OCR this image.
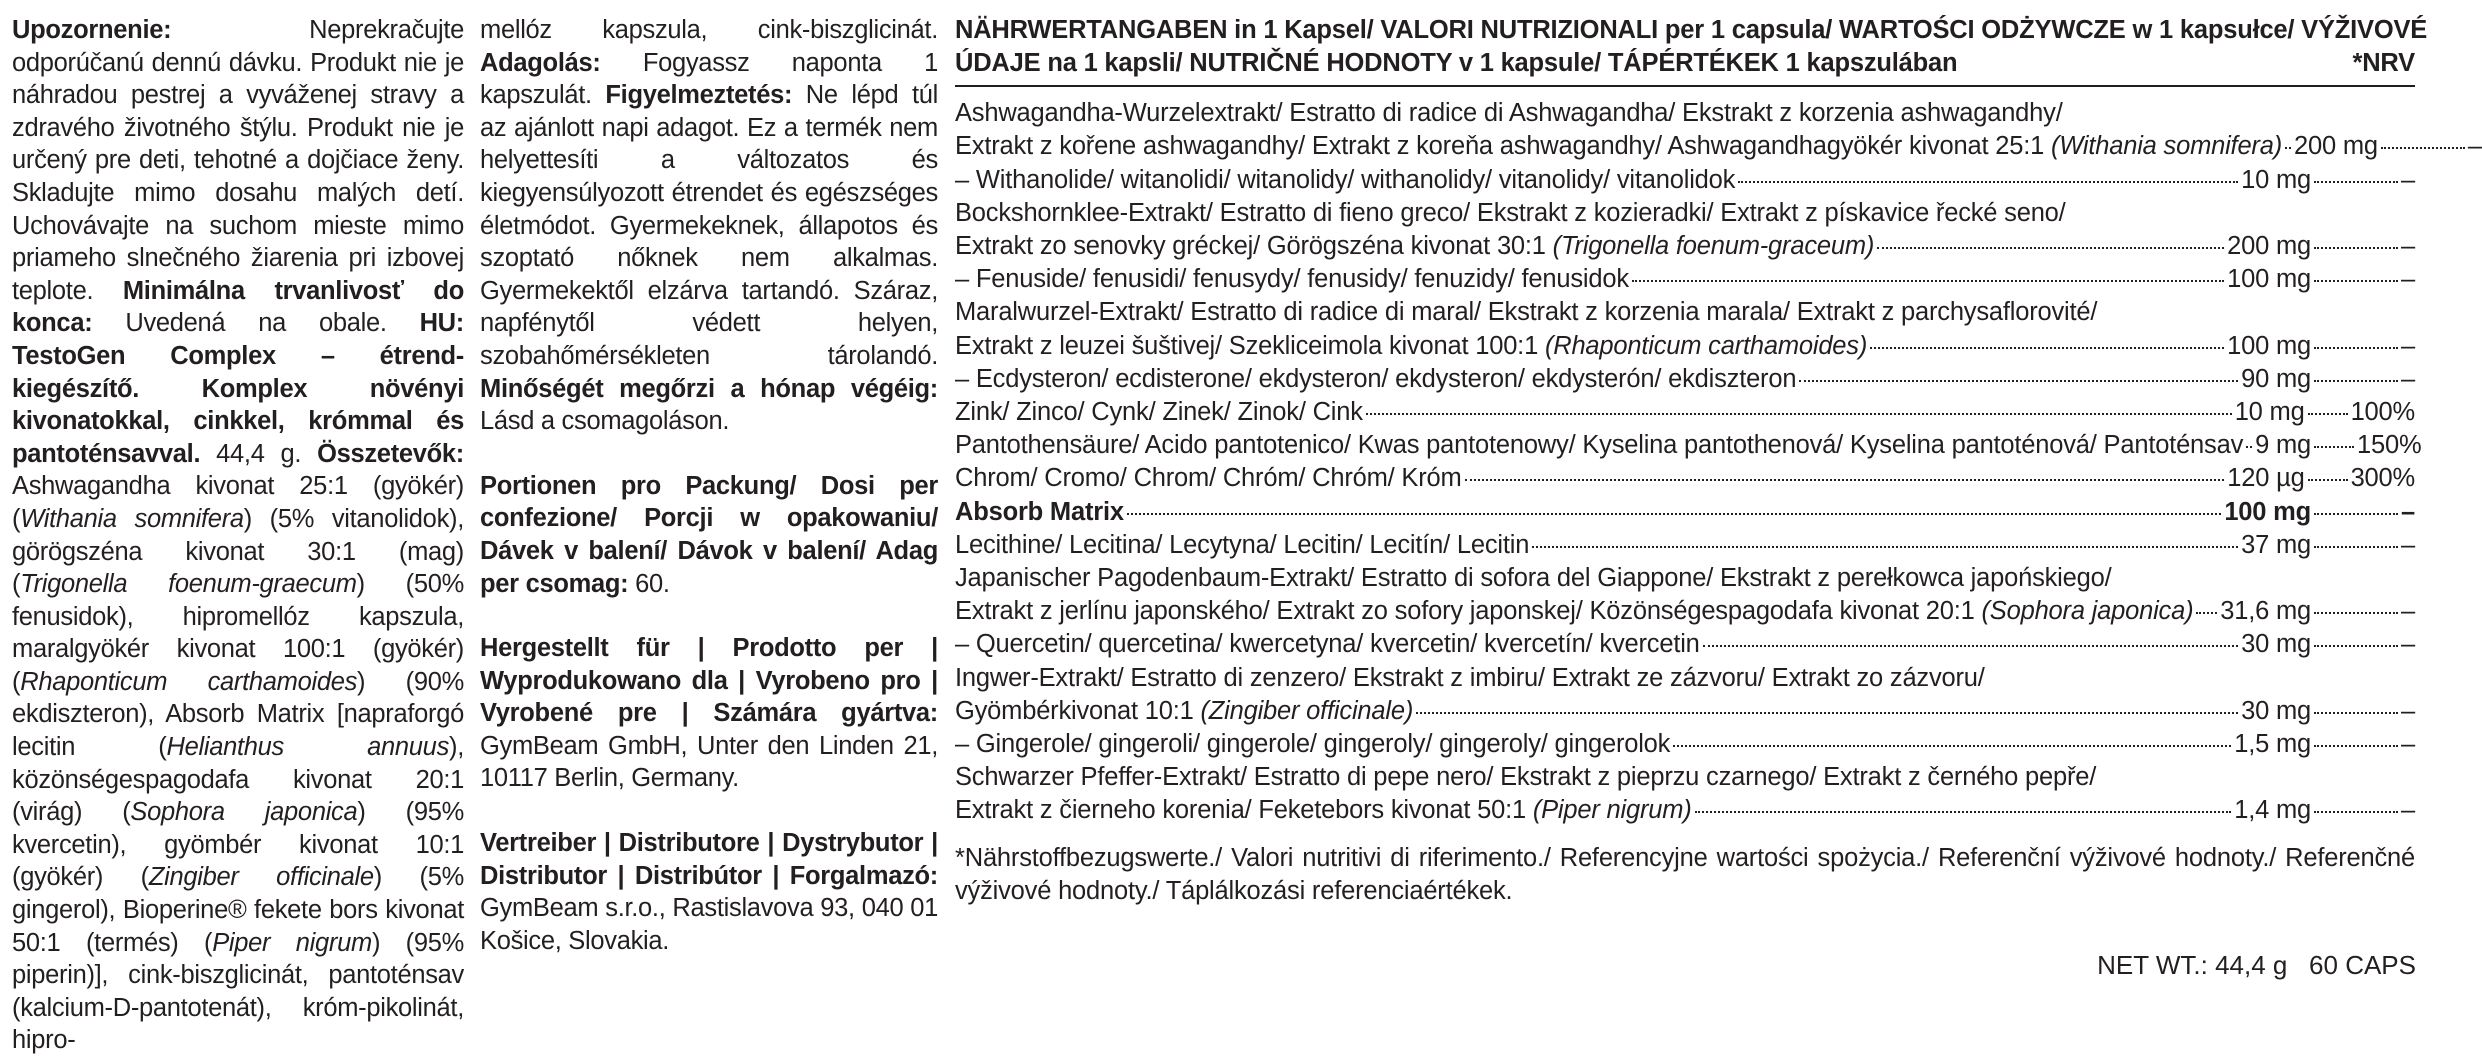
Upozornenie: Neprekračujte odporúčanú dennú dávku. Produkt nie je náhradou pestrej a vyváženej stravy a zdravého životného štýlu. Produkt nie je určený pre deti, tehotné a dojčiace ženy. Skladujte mimo dosahu malých detí. Uchovávajte na suchom mieste mimo priameho slnečného žiarenia pri izbovej teplote. Minimálna trvanlivosť do konca: Uvedená na obale. HU: TestoGen Complex – étrend-kiegészítő. Komplex növényi kivonatokkal, cinkkel, krómmal és pantoténsavval. 44,4 g. Összetevők: Ashwagandha kivonat 25:1 (gyökér) (Withania somnifera) (5% vitanolidok), görögszéna kivonat 30:1 (mag) (Trigonella foenum-graecum) (50% fenusidok), hipromellóz kapszula, maralgyökér kivonat 100:1 (gyökér) (Rhaponticum carthamoides) (90% ekdiszteron), Absorb Matrix [napraforgó lecitin (Helianthus annuus), közönségespagodafa kivonat 20:1 (virág) (Sophora japonica) (95% kvercetin), gyömbér kivonat 10:1 (gyökér) (Zingiber officinale) (5% gingerol), Bioperine® fekete bors kivonat 50:1 (termés) (Piper nigrum) (95% piperin)], cink-biszglicinát, pantoténsav (kalcium-D-pantotenát), króm-pikolinát, hipro-
mellóz kapszula, cink-biszglicinát. Adagolás: Fogyassz naponta 1 kapszulát. Figyelmeztetés: Ne lépd túl az ajánlott napi adagot. Ez a termék nem helyettesíti a változatos és kiegyensúlyozott étrendet és egészséges életmódot. Gyermekeknek, állapotos és szoptató nőknek nem alkalmas. Gyermekektől elzárva tartandó. Száraz, napfénytől védett helyen, szobahőmérsékleten tárolandó. Minőségét megőrzi a hónap végéig: Lásd a csomagoláson.
Portionen pro Packung/ Dosi per confezione/ Porcji w opakowaniu/ Dávek v balení/ Dávok v balení/ Adag per csomag: 60.
Hergestellt für | Prodotto per | Wyprodukowano dla | Vyrobeno pro | Vyrobené pre | Számára gyártva: GymBeam GmbH, Unter den Linden 21, 10117 Berlin, Germany.
Vertreiber | Distributore | Dystrybutor | Distributor | Distribútor | Forgalmazó: GymBeam s.r.o., Rastislavova 93, 040 01 Košice, Slovakia.
NÄHRWERTANGABEN in 1 Kapsel/ VALORI NUTRIZIONALI per 1 capsula/ WARTOŚCI ODŻYWCZE w 1 kapsułce/ VÝŽIVOVÉ
ÚDAJE na 1 kapsli/ NUTRIČNÉ HODNOTY v 1 kapsule/ TÁPÉRTÉKEK 1 kapszulában	*NRV
Ashwagandha-Wurzelextrakt/ Estratto di radice di Ashwagandha/ Ekstrakt z korzenia ashwagandhy/
Extrakt z kořene ashwagandhy/ Extrakt z koreňa ashwagandhy/ Ashwagandhagyökér kivonat 25:1 (Withania somnifera) 200 mg	–
– Withanolide/ witanolidi/ witanolidy/ withanolidy/ vitanolidy/ vitanolidok	10 mg	–
Bockshornklee-Extrakt/ Estratto di fieno greco/ Ekstrakt z kozieradki/ Extrakt z pískavice řecké seno/
Extrakt zo senovky gréckej/ Görögszéna kivonat 30:1 (Trigonella foenum-graceum)	200 mg	–
– Fenuside/ fenusidi/ fenusydy/ fenusidy/ fenuzidy/ fenusidok	100 mg	–
Maralwurzel-Extrakt/ Estratto di radice di maral/ Ekstrakt z korzenia marala/ Extrakt z parchysaflorovité/
Extrakt z leuzei šuštivej/ Szekliceimola kivonat 100:1 (Rhaponticum carthamoides)	100 mg	–
– Ecdysteron/ ecdisterone/ ekdysteron/ ekdysteron/ ekdysterón/ ekdiszteron	90 mg	–
Zink/ Zinco/ Cynk/ Zinek/ Zinok/ Cink	10 mg 100%
Pantothensäure/ Acido pantotenico/ Kwas pantotenowy/ Kyselina pantothenová/ Kyselina pantoténová/ Pantoténsav 9 mg 150%
Chrom/ Cromo/ Chrom/ Chróm/ Chróm/ Króm	120 µg 300%
Absorb Matrix	100 mg	–
Lecithine/ Lecitina/ Lecytyna/ Lecitin/ Lecitín/ Lecitin	37 mg	–
Japanischer Pagodenbaum-Extrakt/ Estratto di sofora del Giappone/ Ekstrakt z perełkowca japońskiego/
Extrakt z jerlínu japonského/ Extrakt zo sofory japonskej/ Közönségespagodafa kivonat 20:1 (Sophora japonica) 31,6 mg	–
– Quercetin/ quercetina/ kwercetyna/ kvercetin/ kvercetín/ kvercetin	30 mg	–
Ingwer-Extrakt/ Estratto di zenzero/ Ekstrakt z imbiru/ Extrakt ze zázvoru/ Extrakt zo zázvoru/
Gyömbérkivonat 10:1 (Zingiber officinale)	30 mg	–
– Gingerole/ gingeroli/ gingerole/ gingeroly/ gingeroly/ gingerolok	1,5 mg	–
Schwarzer Pfeffer-Extrakt/ Estratto di pepe nero/ Ekstrakt z pieprzu czarnego/ Extrakt z černého pepře/
Extrakt z čierneho korenia/ Feketebors kivonat 50:1 (Piper nigrum)	1,4 mg	–
*Nährstoffbezugswerte./ Valori nutritivi di riferimento./ Referencyjne wartości spożycia./ Referenční výživové hodnoty./ Referenčné výživové hodnoty./ Táplálkozási referenciaértékek.
NET WT.: 44,4 g 60 CAPS
